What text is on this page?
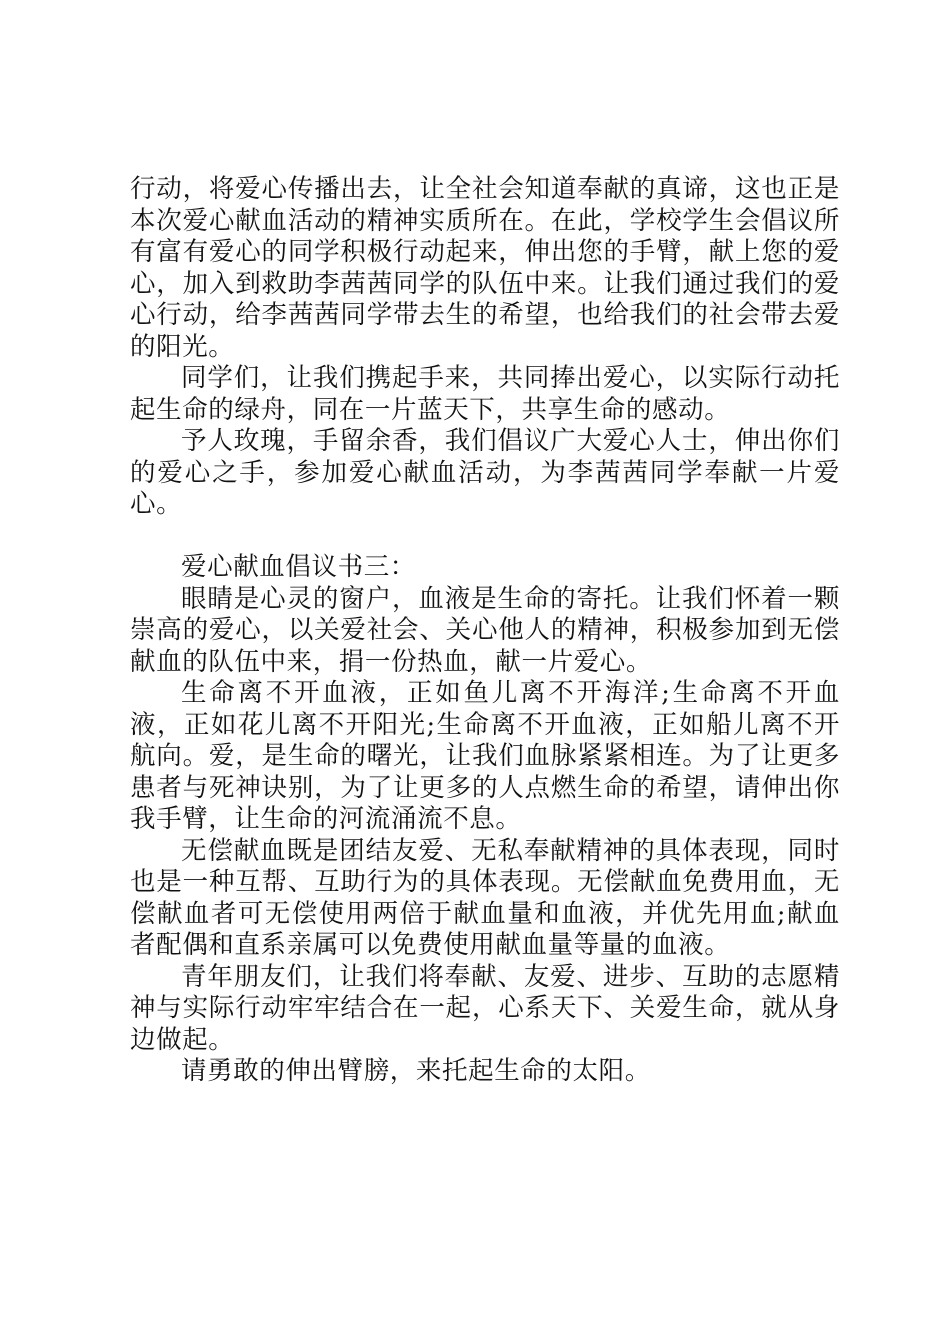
行动，将爱心传播出去，让全社会知道奉献的真谛，这也正是本次爱心献血活动的精神实质所在。在此，学校学生会倡议所有富有爱心的同学积极行动起来，伸出您的手臂，献上您的爱心，加入到救助李茜茜同学的队伍中来。让我们通过我们的爱心行动，给李茜茜同学带去生的希望，也给我们的社会带去爱的阳光。

同学们，让我们携起手来，共同捧出爱心，以实际行动托起生命的绿舟，同在一片蓝天下，共享生命的感动。

予人玫瑰，手留余香，我们倡议广大爱心人士，伸出你们的爱心之手，参加爱心献血活动，为李茜茜同学奉献一片爱心。

爱心献血倡议书三：

眼睛是心灵的窗户，血液是生命的寄托。让我们怀着一颗崇高的爱心，以关爱社会、关心他人的精神，积极参加到无偿献血的队伍中来，捐一份热血，献一片爱心。

生命离不开血液，正如鱼儿离不开海洋;生命离不开血液，正如花儿离不开阳光;生命离不开血液，正如船儿离不开航向。爱，是生命的曙光，让我们血脉紧紧相连。为了让更多患者与死神诀别，为了让更多的人点燃生命的希望，请伸出你我手臂，让生命的河流涌流不息。

无偿献血既是团结友爱、无私奉献精神的具体表现，同时也是一种互帮、互助行为的具体表现。无偿献血免费用血，无偿献血者可无偿使用两倍于献血量和血液，并优先用血;献血者配偶和直系亲属可以免费使用献血量等量的血液。

青年朋友们，让我们将奉献、友爱、进步、互助的志愿精神与实际行动牢牢结合在一起，心系天下、关爱生命，就从身边做起。

请勇敢的伸出臂膀，来托起生命的太阳。
